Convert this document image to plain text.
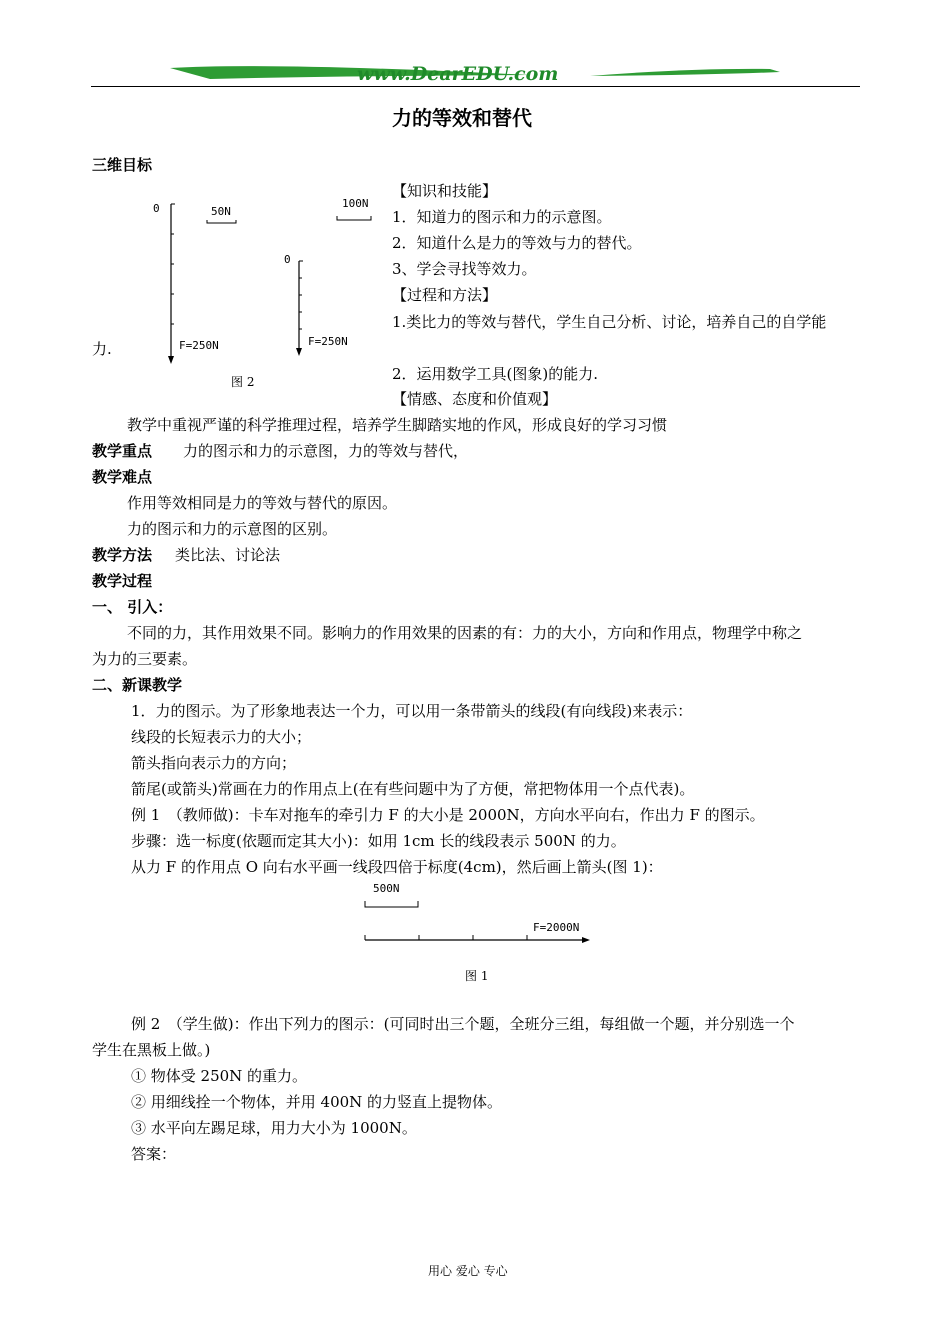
www.DearEDU.com
力的等效和替代
三维目标
【知识和技能】
1．知道力的图示和力的示意图。
2．知道什么是力的等效与力的替代。
3、学会寻找等效力。
【过程和方法】
1.类比力的等效与替代，学生自己分析、讨论，培养自己的自学能
力.
2．运用数学工具(图象)的能力.
【情感、态度和价值观】
教学中重视严谨的科学推理过程，培养学生脚踏实地的作风，形成良好的学习习惯
0	50N
100N
0
F=250N	F=250N
图 2
教学重点 力的图示和力的示意图，力的等效与替代，
教学难点
作用等效相同是力的等效与替代的原因。
力的图示和力的示意图的区别。
教学方法 类比法、讨论法
教学过程
一、 引入：
不同的力，其作用效果不同。影响力的作用效果的因素的有：力的大小，方向和作用点，物理学中称之
为力的三要素。
二、新课教学
1．力的图示。为了形象地表达一个力，可以用一条带箭头的线段(有向线段)来表示：
线段的长短表示力的大小；
箭头指向表示力的方向；
箭尾(或箭头)常画在力的作用点上(在有些问题中为了方便，常把物体用一个点代表)。
例 1　（教师做)：卡车对拖车的牵引力 F 的大小是 2000N，方向水平向右，作出力 F 的图示。
步骤：选一标度(依题而定其大小)：如用 1cm 长的线段表示 500N 的力。
从力 F 的作用点 O 向右水平画一线段四倍于标度(4cm)，然后画上箭头(图 1)：
500N
F=2000N
图 1
例 2　（学生做)：作出下列力的图示：(可同时出三个题，全班分三组，每组做一个题，并分别选一个
学生在黑板上做。)
① 物体受 250N 的重力。
② 用细线拴一个物体，并用 400N 的力竖直上提物体。
③ 水平向左踢足球，用力大小为 1000N。
答案：
用心 爱心 专心
